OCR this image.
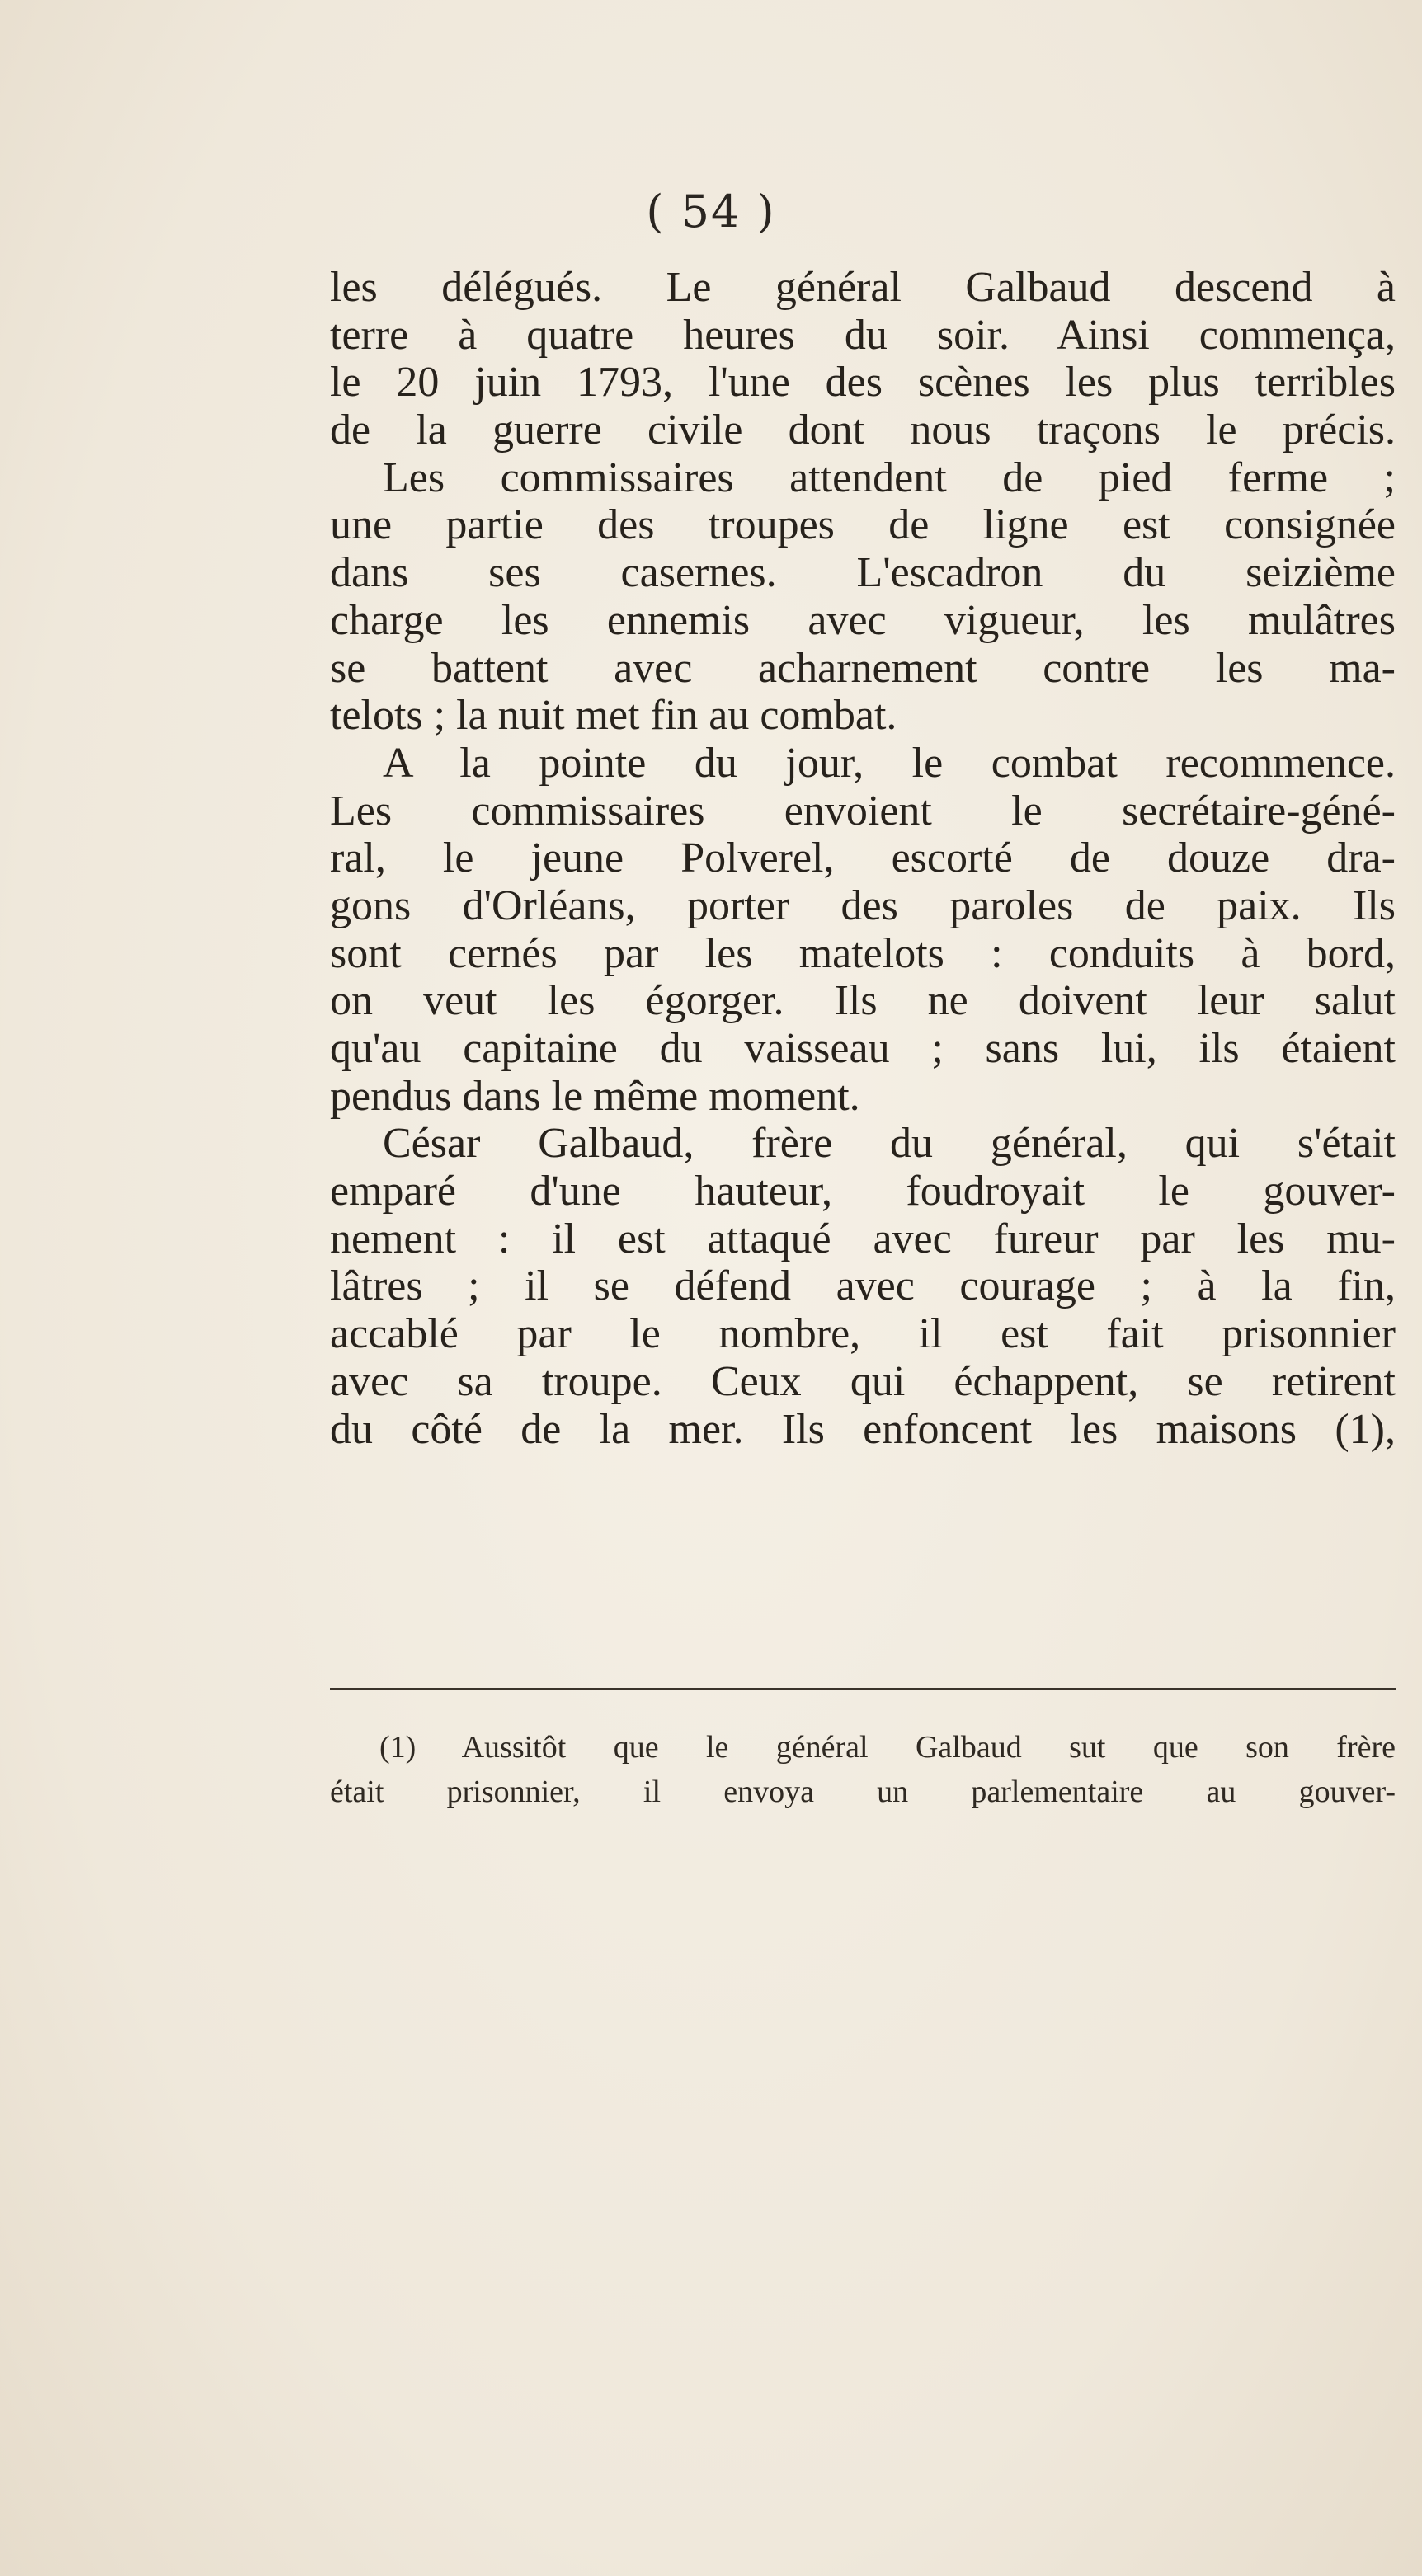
( 54 )
les délégués. Le général Galbaud descend à
terre à quatre heures du soir. Ainsi commença,
le 20 juin 1793, l'une des scènes les plus terribles
de la guerre civile dont nous traçons le précis.
Les commissaires attendent de pied ferme ;
une partie des troupes de ligne est consignée
dans ses casernes. L'escadron du seizième
charge les ennemis avec vigueur, les mulâtres
se battent avec acharnement contre les ma-
telots ; la nuit met fin au combat.
A la pointe du jour, le combat recommence.
Les commissaires envoient le secrétaire-géné-
ral, le jeune Polverel, escorté de douze dra-
gons d'Orléans, porter des paroles de paix. Ils
sont cernés par les matelots : conduits à bord,
on veut les égorger. Ils ne doivent leur salut
qu'au capitaine du vaisseau ; sans lui, ils étaient
pendus dans le même moment.
César Galbaud, frère du général, qui s'était
emparé d'une hauteur, foudroyait le gouver-
nement : il est attaqué avec fureur par les mu-
lâtres ; il se défend avec courage ; à la fin,
accablé par le nombre, il est fait prisonnier
avec sa troupe. Ceux qui échappent, se retirent
du côté de la mer. Ils enfoncent les maisons (1),
(1) Aussitôt que le général Galbaud sut que son frère
était prisonnier, il envoya un parlementaire au gouver-
